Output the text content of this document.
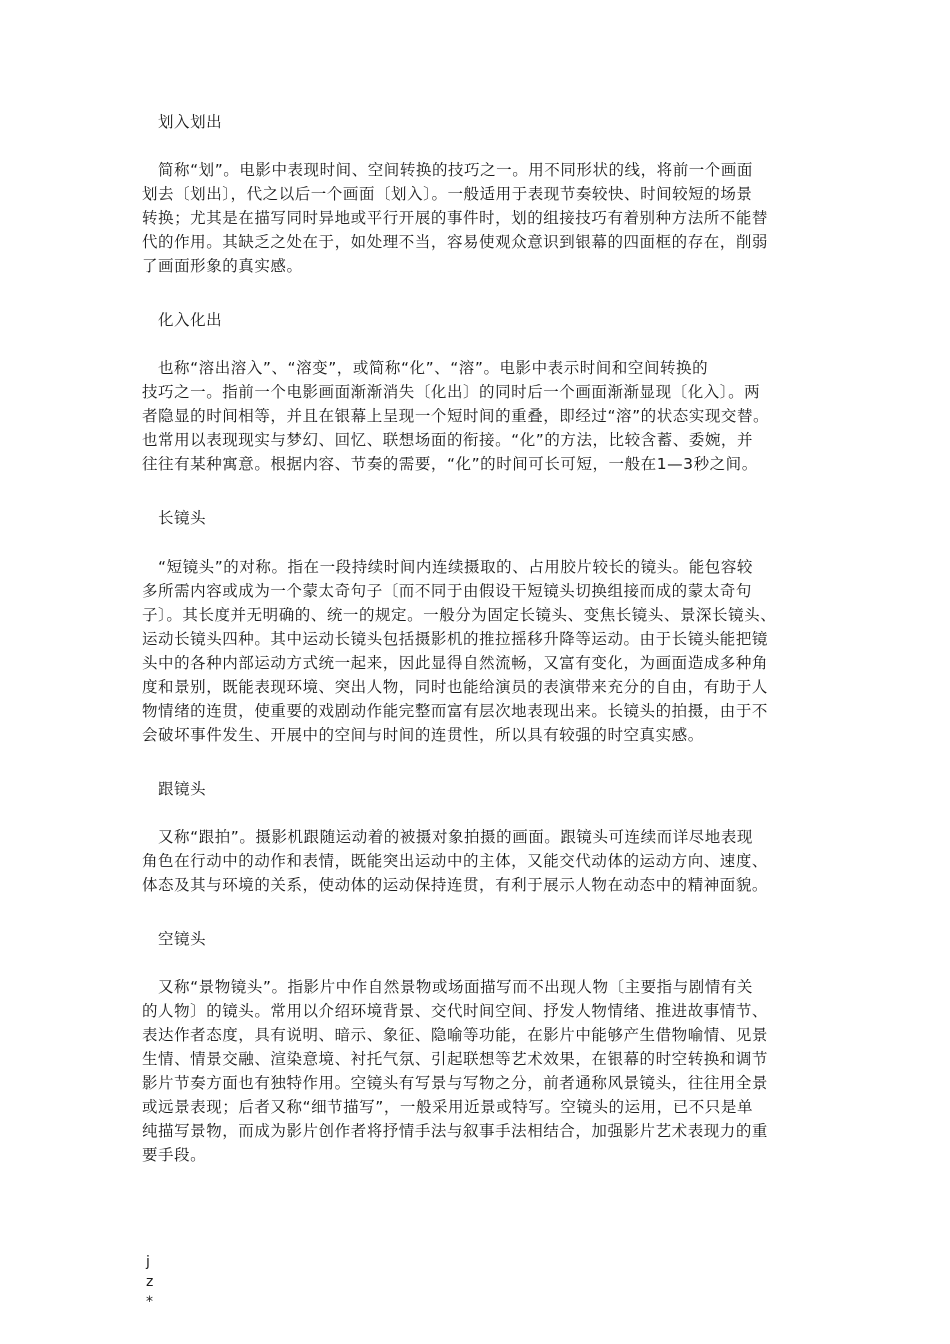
划入划出
简称“划”。电影中表现时间、空间转换的技巧之一。用不同形状的线，将前一个画面
划去〔划出〕，代之以后一个画面〔划入〕。一般适用于表现节奏较快、时间较短的场景
转换；尤其是在描写同时异地或平行开展的事件时，划的组接技巧有着别种方法所不能替
代的作用。其缺乏之处在于，如处理不当，容易使观众意识到银幕的四面框的存在，削弱
了画面形象的真实感。
化入化出
也称“溶出溶入”、“溶变”，或简称“化”、“溶”。电影中表示时间和空间转换的
技巧之一。指前一个电影画面渐渐消失〔化出〕的同时后一个画面渐渐显现〔化入〕。两
者隐显的时间相等，并且在银幕上呈现一个短时间的重叠，即经过“溶”的状态实现交替。
也常用以表现现实与梦幻、回忆、联想场面的衔接。“化”的方法，比较含蓄、委婉，并
往往有某种寓意。根据内容、节奏的需要，“化”的时间可长可短，一般在1—3秒之间。
长镜头
“短镜头”的对称。指在一段持续时间内连续摄取的、占用胶片较长的镜头。能包容较
多所需内容或成为一个蒙太奇句子〔而不同于由假设干短镜头切换组接而成的蒙太奇句
子〕。其长度并无明确的、统一的规定。一般分为固定长镜头、变焦长镜头、景深长镜头、
运动长镜头四种。其中运动长镜头包括摄影机的推拉摇移升降等运动。由于长镜头能把镜
头中的各种内部运动方式统一起来，因此显得自然流畅，又富有变化，为画面造成多种角
度和景别，既能表现环境、突出人物，同时也能给演员的表演带来充分的自由，有助于人
物情绪的连贯，使重要的戏剧动作能完整而富有层次地表现出来。长镜头的拍摄，由于不
会破坏事件发生、开展中的空间与时间的连贯性，所以具有较强的时空真实感。
跟镜头
又称“跟拍”。摄影机跟随运动着的被摄对象拍摄的画面。跟镜头可连续而详尽地表现
角色在行动中的动作和表情，既能突出运动中的主体，又能交代动体的运动方向、速度、
体态及其与环境的关系，使动体的运动保持连贯，有利于展示人物在动态中的精神面貌。
空镜头
又称“景物镜头”。指影片中作自然景物或场面描写而不出现人物〔主要指与剧情有关
的人物〕的镜头。常用以介绍环境背景、交代时间空间、抒发人物情绪、推进故事情节、
表达作者态度，具有说明、暗示、象征、隐喻等功能，在影片中能够产生借物喻情、见景
生情、情景交融、渲染意境、衬托气氛、引起联想等艺术效果，在银幕的时空转换和调节
影片节奏方面也有独特作用。空镜头有写景与写物之分，前者通称风景镜头，往往用全景
或远景表现；后者又称“细节描写”，一般采用近景或特写。空镜头的运用，已不只是单
纯描写景物，而成为影片创作者将抒情手法与叙事手法相结合，加强影片艺术表现力的重
要手段。
j
z
*
